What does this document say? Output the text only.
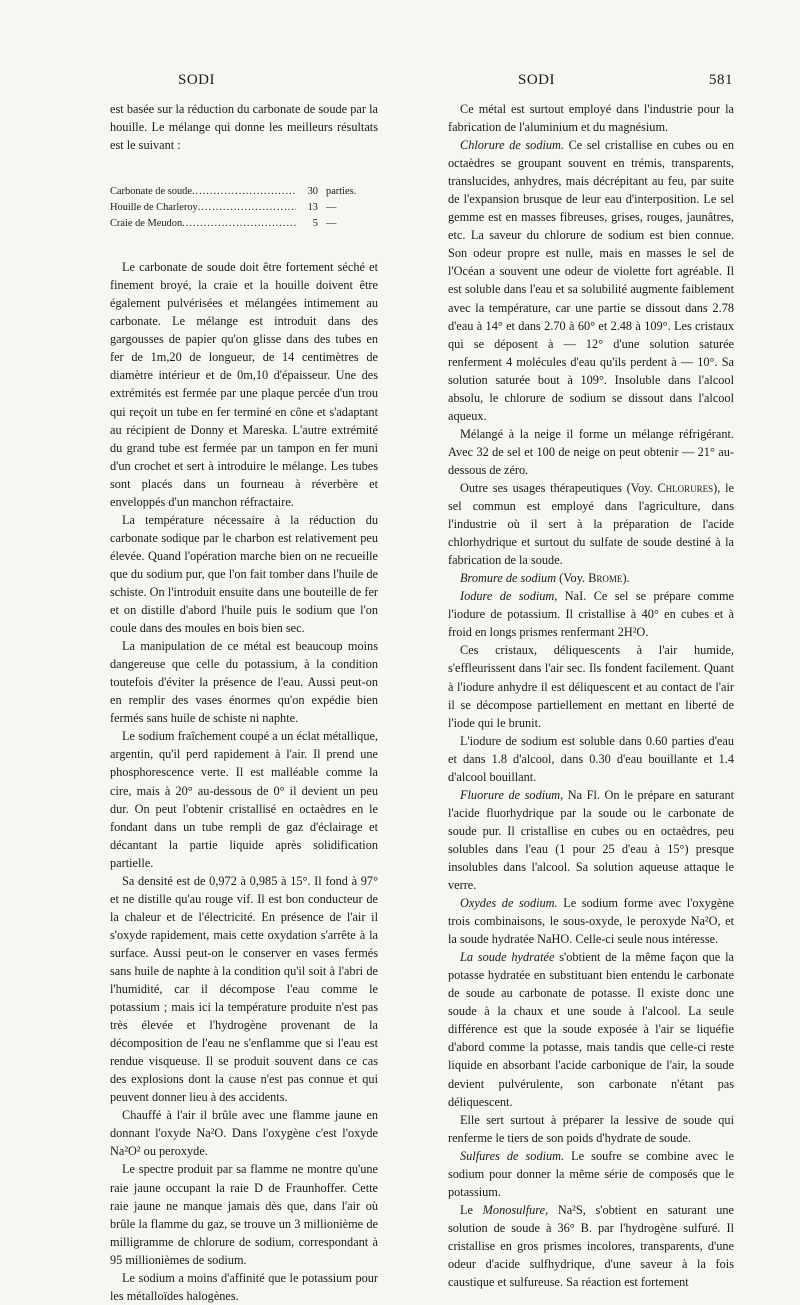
SODI	SODI	581

est basée sur la réduction du carbonate de soude par la houille. Le mélange qui donne les meilleurs résultats est le suivant :

Carbonate de soude .....	30 parties.
Houille de Charleroy .....	13 —
Craie de Meudon .....	5 —

Le carbonate de soude doit être fortement séché et finement broyé, la craie et la houille doivent être également pulvérisées et mélangées intimement au carbonate. Le mélange est introduit dans des gargousses de papier qu'on glisse dans des tubes en fer de 1m,20 de longueur, de 14 centimètres de diamètre intérieur et de 0m,10 d'épaisseur. Une des extrémités est fermée par une plaque percée d'un trou qui reçoit un tube en fer terminé en cône et s'adaptant au récipient de Donny et Mareska. L'autre extrémité du grand tube est fermée par un tampon en fer muni d'un crochet et sert à introduire le mélange. Les tubes sont placés dans un fourneau à réverbère et enveloppés d'un manchon réfractaire.

La température nécessaire à la réduction du carbonate sodique par le charbon est relativement peu élevée. Quand l'opération marche bien on ne recueille que du sodium pur, que l'on fait tomber dans l'huile de schiste. On l'introduit ensuite dans une bouteille de fer et on distille d'abord l'huile puis le sodium que l'on coule dans des moules en bois bien sec.

La manipulation de ce métal est beaucoup moins dangereuse que celle du potassium, à la condition toutefois d'éviter la présence de l'eau. Aussi peut-on en remplir des vases énormes qu'on expédie bien fermés sans huile de schiste ni naphte.

Le sodium fraîchement coupé a un éclat métallique, argentin, qu'il perd rapidement à l'air. Il prend une phosphorescence verte. Il est malléable comme la cire, mais à 20° au-dessous de 0° il devient un peu dur. On peut l'obtenir cristallisé en octaèdres en le fondant dans un tube rempli de gaz d'éclairage et décantant la partie liquide après solidification partielle.

Sa densité est de 0,972 à 0,985 à 15°. Il fond à 97° et ne distille qu'au rouge vif. Il est bon conducteur de la chaleur et de l'électricité. En présence de l'air il s'oxyde rapidement, mais cette oxydation s'arrête à la surface. Aussi peut-on le conserver en vases fermés sans huile de naphte à la condition qu'il soit à l'abri de l'humidité, car il décompose l'eau comme le potassium ; mais ici la température produite n'est pas très élevée et l'hydrogène provenant de la décomposition de l'eau ne s'enflamme que si l'eau est rendue visqueuse. Il se produit souvent dans ce cas des explosions dont la cause n'est pas connue et qui peuvent donner lieu à des accidents.

Chauffé à l'air il brûle avec une flamme jaune en donnant l'oxyde Na²O. Dans l'oxygène c'est l'oxyde Na²O² ou peroxyde.

Le spectre produit par sa flamme ne montre qu'une raie jaune occupant la raie D de Fraunhoffer. Cette raie jaune ne manque jamais dès que, dans l'air où brûle la flamme du gaz, se trouve un 3 millionième de milligramme de chlorure de sodium, correspondant à 95 millionièmes de sodium.

Le sodium a moins d'affinité que le potassium pour les métalloïdes halogènes.

Ce métal est surtout employé dans l'industrie pour la fabrication de l'aluminium et du magnésium.

Chlorure de sodium. Ce sel cristallise en cubes ou en octaèdres se groupant souvent en trémis, transparents, translucides, anhydres, mais décrépitant au feu, par suite de l'expansion brusque de leur eau d'interposition. Le sel gemme est en masses fibreuses, grises, rouges, jaunâtres, etc. La saveur du chlorure de sodium est bien connue. Son odeur propre est nulle, mais en masses le sel de l'Océan a souvent une odeur de violette fort agréable. Il est soluble dans l'eau et sa solubilité augmente faiblement avec la température, car une partie se dissout dans 2.78 d'eau à 14° et dans 2.70 à 60° et 2.48 à 109°. Les cristaux qui se déposent à — 12° d'une solution saturée renferment 4 molécules d'eau qu'ils perdent à — 10°. Sa solution saturée bout à 109°. Insoluble dans l'alcool absolu, le chlorure de sodium se dissout dans l'alcool aqueux.

Mélangé à la neige il forme un mélange réfrigérant. Avec 32 de sel et 100 de neige on peut obtenir — 21° au-dessous de zéro.

Outre ses usages thérapeutiques (Voy. Chlorures), le sel commun est employé dans l'agriculture, dans l'industrie où il sert à la préparation de l'acide chlorhydrique et surtout du sulfate de soude destiné à la fabrication de la soude.

Bromure de sodium (Voy. Brome).

Iodure de sodium, NaI. Ce sel se prépare comme l'iodure de potassium. Il cristallise à 40° en cubes et à froid en longs prismes renfermant 2H²O.

Ces cristaux, déliquescents à l'air humide, s'effleurissent dans l'air sec. Ils fondent facilement. Quant à l'iodure anhydre il est déliquescent et au contact de l'air il se décompose partiellement en mettant en liberté de l'iode qui le brunit.

L'iodure de sodium est soluble dans 0.60 parties d'eau et dans 1.8 d'alcool, dans 0.30 d'eau bouillante et 1.4 d'alcool bouillant.

Fluorure de sodium, Na Fl. On le prépare en saturant l'acide fluorhydrique par la soude ou le carbonate de soude pur. Il cristallise en cubes ou en octaèdres, peu solubles dans l'eau (1 pour 25 d'eau à 15°) presque insolubles dans l'alcool. Sa solution aqueuse attaque le verre.

Oxydes de sodium. Le sodium forme avec l'oxygène trois combinaisons, le sous-oxyde, le peroxyde Na²O, et la soude hydratée NaHO. Celle-ci seule nous intéresse.

La soude hydratée s'obtient de la même façon que la potasse hydratée en substituant bien entendu le carbonate de soude au carbonate de potasse. Il existe donc une soude à la chaux et une soude à l'alcool. La seule différence est que la soude exposée à l'air se liquéfie d'abord comme la potasse, mais tandis que celle-ci reste liquide en absorbant l'acide carbonique de l'air, la soude devient pulvérulente, son carbonate n'étant pas déliquescent.

Elle sert surtout à préparer la lessive de soude qui renferme le tiers de son poids d'hydrate de soude.

Sulfures de sodium. Le soufre se combine avec le sodium pour donner la même série de composés que le potassium.

Le Monosulfure, Na²S, s'obtient en saturant une solution de soude à 36° B. par l'hydrogène sulfuré. Il cristallise en gros prismes incolores, transparents, d'une odeur d'acide sulfhydrique, d'une saveur à la fois caustique et sulfureuse. Sa réaction est fortement
